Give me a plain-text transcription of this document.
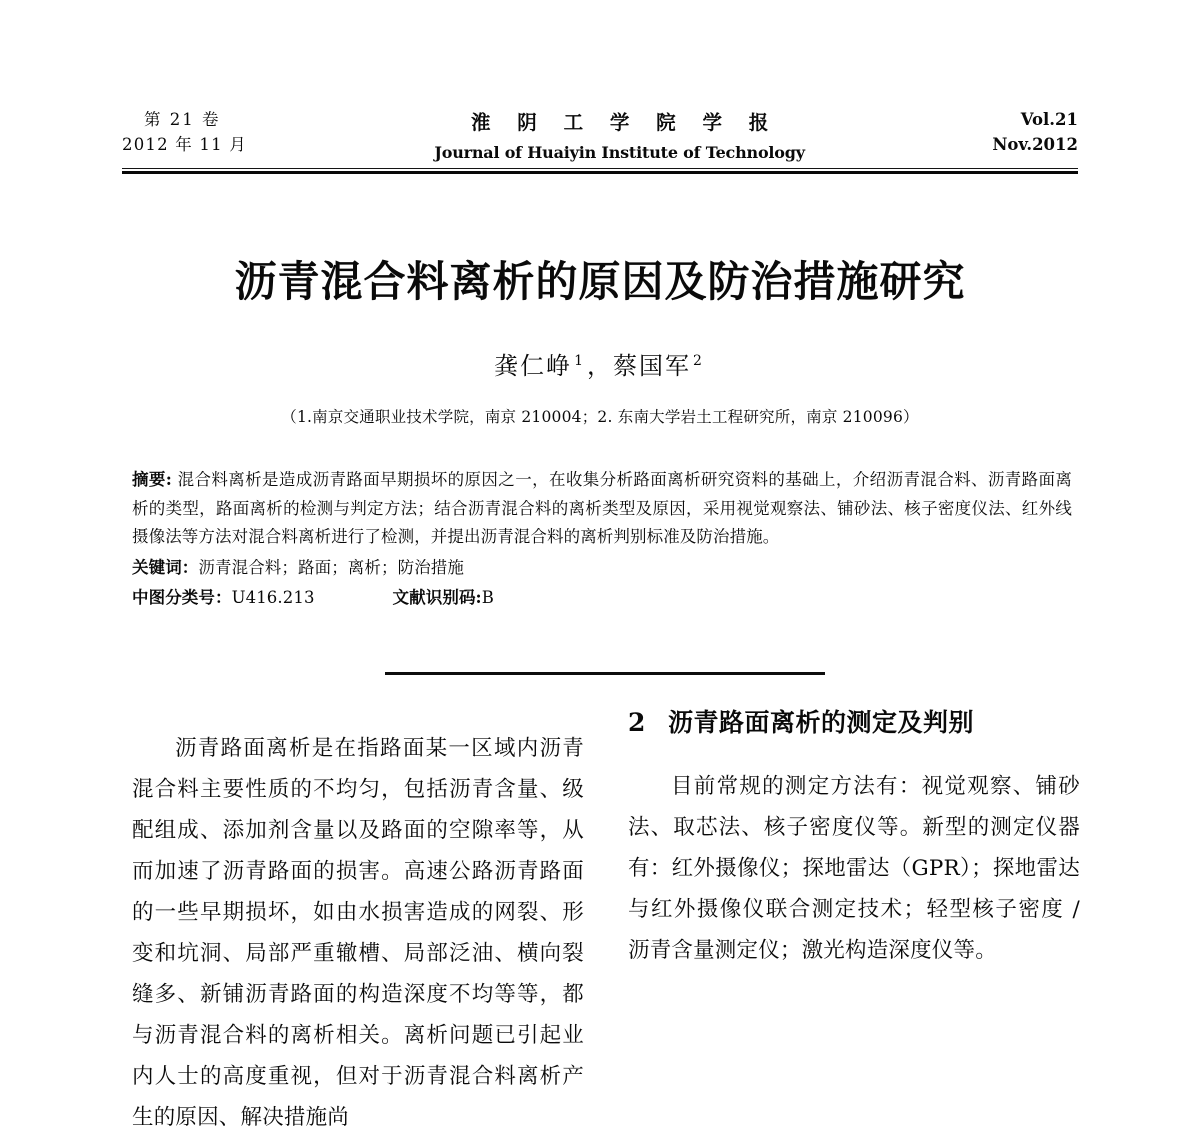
第 21 卷
2012 年 11 月
淮 阴 工 学 院 学 报
Journal of Huaiyin Institute of Technology
Vol.21
Nov.2012
沥青混合料离析的原因及防治措施研究
龚仁峥 $^1$，蔡国军 $^2$
（1.南京交通职业技术学院，南京 210004；2. 东南大学岩土工程研究所，南京 210096）
摘要: 混合料离析是造成沥青路面早期损坏的原因之一，在收集分析路面离析研究资料的基础上，介绍沥青混合料、沥青路面离析的类型，路面离析的检测与判定方法；结合沥青混合料的离析类型及原因，采用视觉观察法、铺砂法、核子密度仪法、红外线摄像法等方法对混合料离析进行了检测，并提出沥青混合料的离析判别标准及防治措施。
关键词：沥青混合料；路面；离析；防治措施
中图分类号：U416.213	文献识别码:B

沥青路面离析是在指路面某一区域内沥青混合料主要性质的不均匀，包括沥青含量、级配组成、添加剂含量以及路面的空隙率等，从而加速了沥青路面的损害。高速公路沥青路面的一些早期损坏，如由水损害造成的网裂、形变和坑洞、局部严重辙槽、局部泛油、横向裂缝多、新铺沥青路面的构造深度不均等等，都与沥青混合料的离析相关。离析问题已引起业内人士的高度重视，但对于沥青混合料离析产生的原因、解决措施尚

2 沥青路面离析的测定及判别

目前常规的测定方法有：视觉观察、铺砂法、取芯法、核子密度仪等。新型的测定仪器有：红外摄像仪；探地雷达（GPR）；探地雷达与红外摄像仪联合测定技术；轻型核子密度 / 沥青含量测定仪；激光构造深度仪等。
